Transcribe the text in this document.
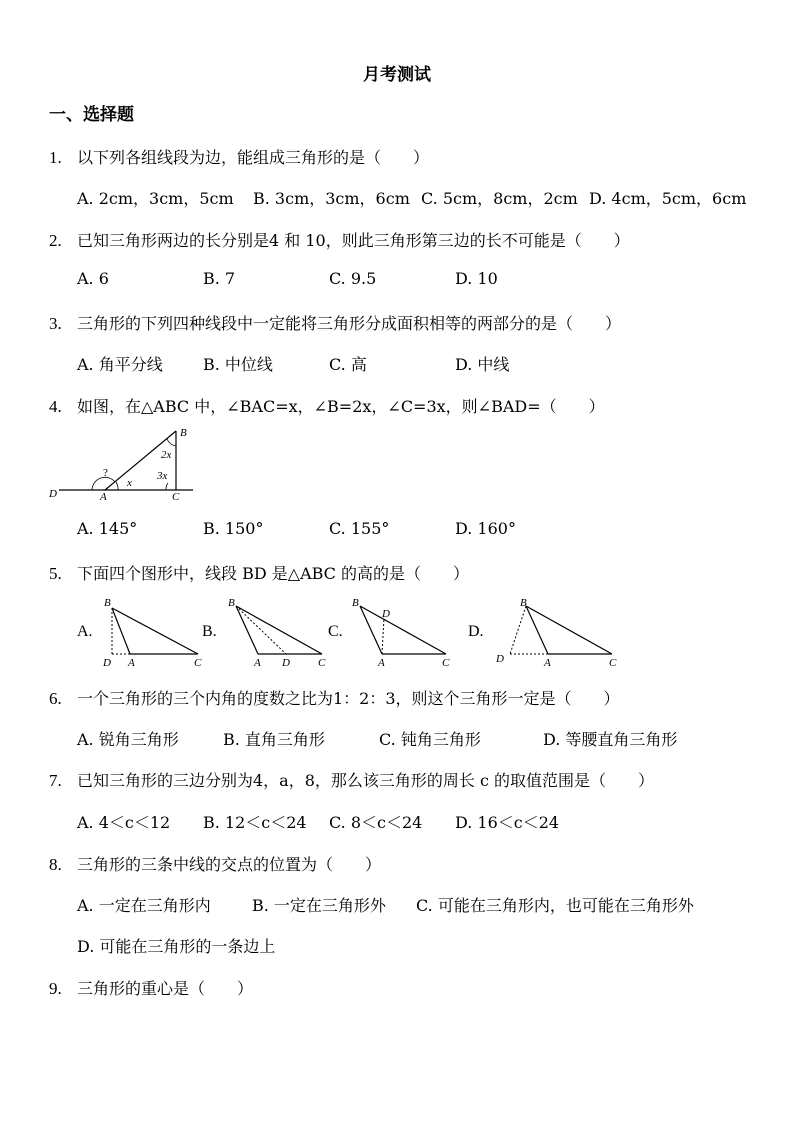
月考测试
一、选择题
1. 以下列各组线段为边，能组成三角形的是（　　）
A. 2cm，3cm，5cm B. 3cm，3cm，6cm C. 5cm，8cm，2cm D. 4cm，5cm，6cm
2. 已知三角形两边的长分别是4 和 10，则此三角形第三边的长不可能是（　　）
A. 6	B. 7	C. 9.5	D. 10
3. 三角形的下列四种线段中一定能将三角形分成面积相等的两部分的是（　　）
A. 角平分线	B. 中位线	C. 高	D. 中线
4. 如图，在△ABC 中，∠BAC=x，∠B=2x，∠C=3x，则∠BAD=（　　）
B
2x
?	3x
x
D	A	C
A. 145°	B. 150°	C. 155°	D. 160°
5. 下面四个图形中，线段 BD 是△ABC 的高的是（　　）
A.
B
D A	C
B.
B
A D	C
C.
B
D
A	C
D.
B
D	A	C
6. 一个三角形的三个内角的度数之比为1：2：3，则这个三角形一定是（　　）
A. 锐角三角形	B. 直角三角形	C. 钝角三角形	D. 等腰直角三角形
7. 已知三角形的三边分别为4，a，8，那么该三角形的周长 c 的取值范围是（　　）
A. 4＜c＜12 B. 12＜c＜24 C. 8＜c＜24 D. 16＜c＜24
8. 三角形的三条中线的交点的位置为（　　）
A. 一定在三角形内	B. 一定在三角形外 C. 可能在三角形内，也可能在三角形外
D. 可能在三角形的一条边上
9. 三角形的重心是（　　）
